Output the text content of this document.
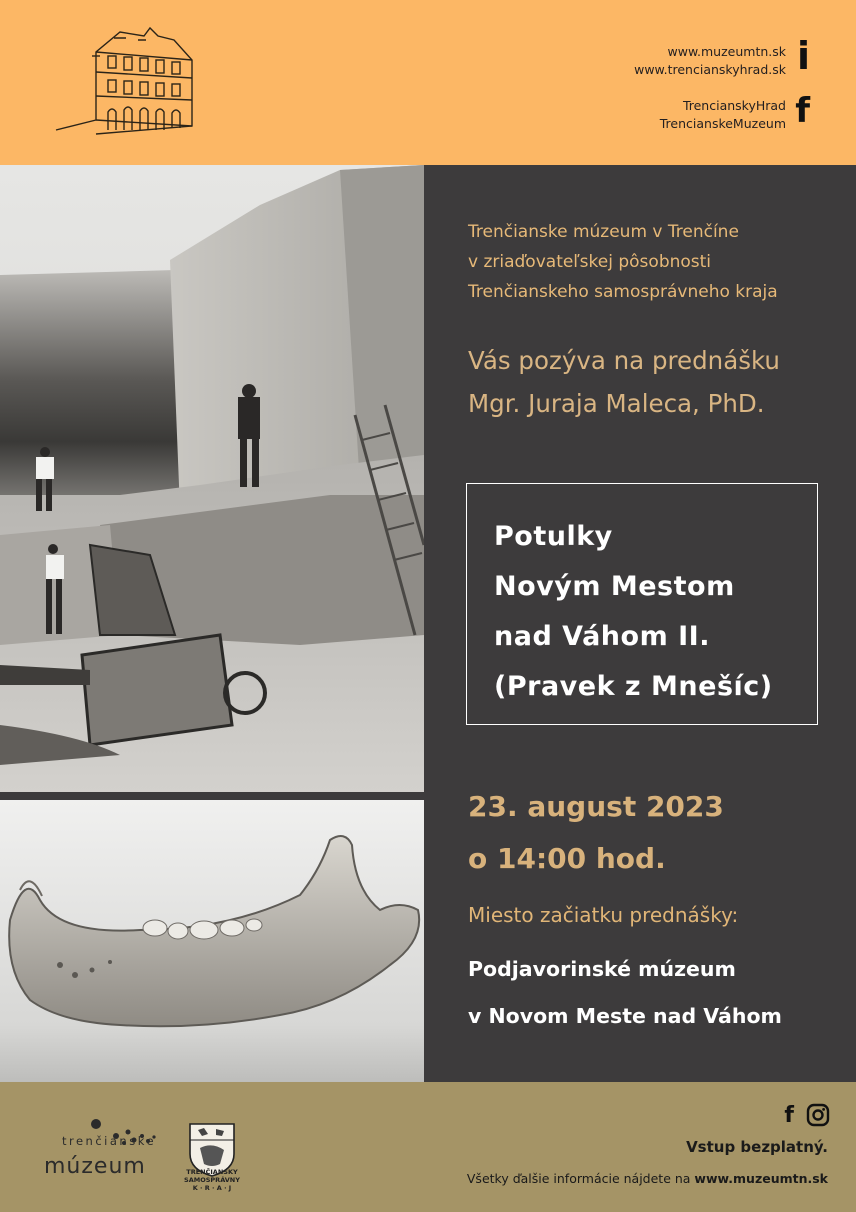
www.muzeumtn.sk
www.trencianskyhrad.sk i
TrencianskyHrad
TrencianskeMuzeum f
Trenčianske múzeum v Trenčíne
v zriaďovateľskej pôsobnosti
Trenčianskeho samosprávneho kraja
Vás pozýva na prednášku
Mgr. Juraja Maleca, PhD.
Potulky
Novým Mestom
nad Váhom II.
(Pravek z Mnešíc)
23. august 2023
o 14:00 hod.
Miesto začiatku prednášky:
Podjavorinské múzeum
v Novom Meste nad Váhom
trenčianske
múzeum	TRENČIANSKY
SAMOSPRÁVNY
K · R · A · J
f
Vstup bezplatný.
Všetky ďalšie informácie nájdete na www.muzeumtn.sk
